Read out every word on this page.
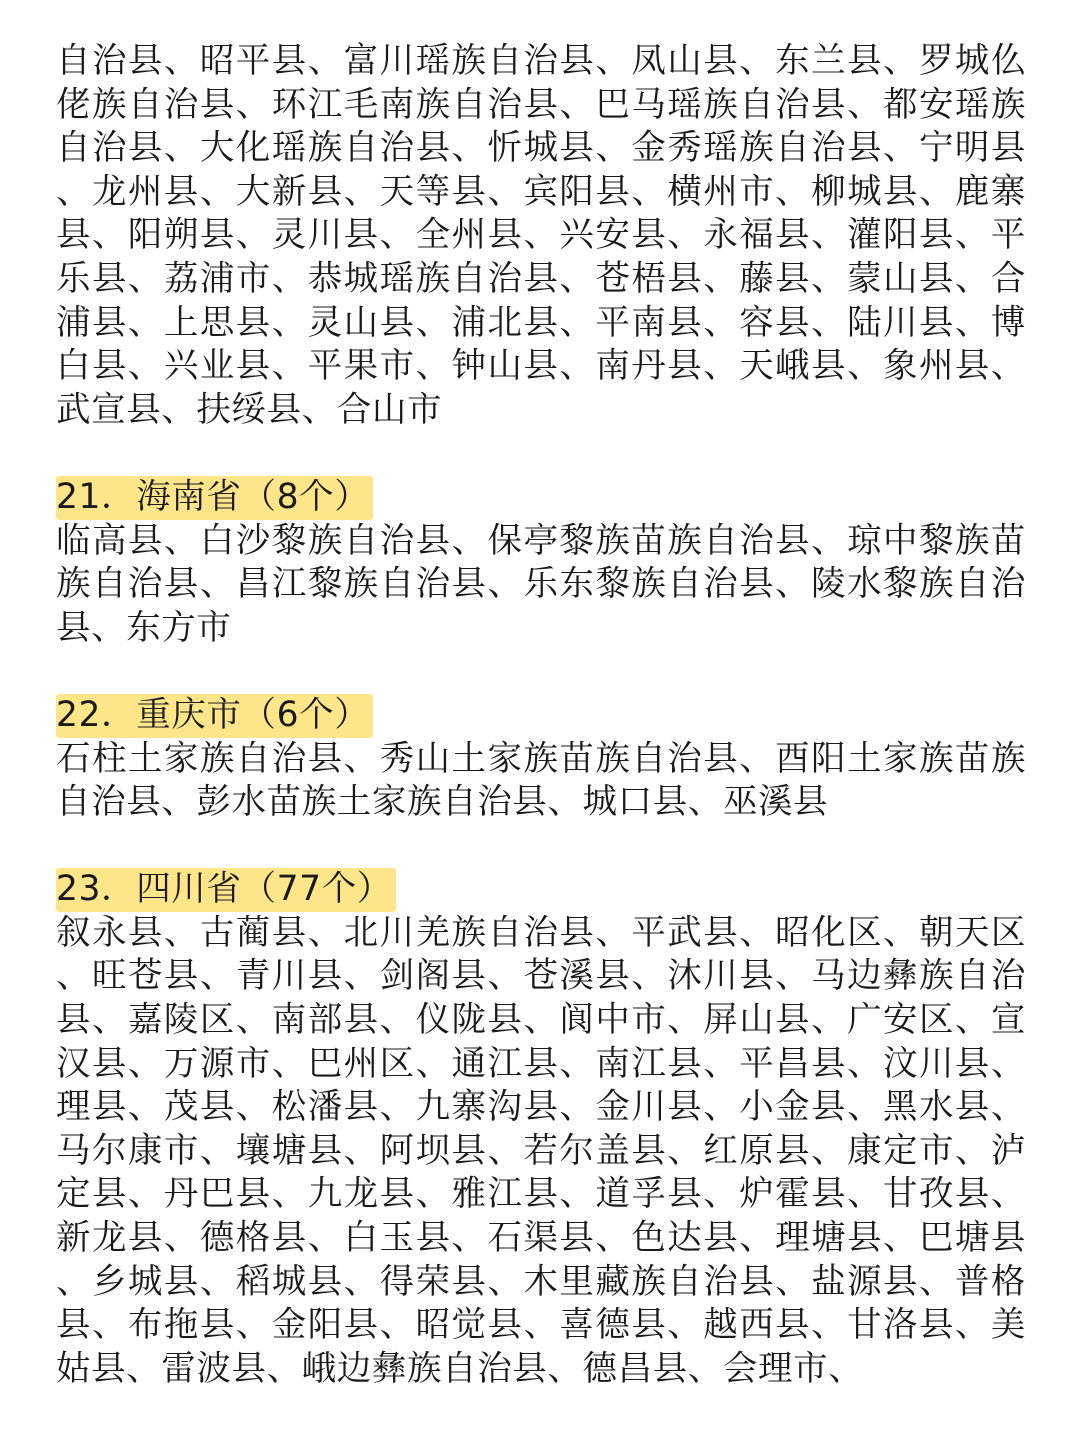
自治县、昭平县、富川瑶族自治县、凤山县、东兰县、罗城仫佬族自治县、环江毛南族自治县、巴马瑶族自治县、都安瑶族自治县、大化瑶族自治县、忻城县、金秀瑶族自治县、宁明县、龙州县、大新县、天等县、宾阳县、横州市、柳城县、鹿寨县、阳朔县、灵川县、全州县、兴安县、永福县、灌阳县、平乐县、荔浦市、恭城瑶族自治县、苍梧县、藤县、蒙山县、合浦县、上思县、灵山县、浦北县、平南县、容县、陆川县、博白县、兴业县、平果市、钟山县、南丹县、天峨县、象州县、武宣县、扶绥县、合山市

21．海南省（8个）

临高县、白沙黎族自治县、保亭黎族苗族自治县、琼中黎族苗族自治县、昌江黎族自治县、乐东黎族自治县、陵水黎族自治县、东方市

22．重庆市（6个）

石柱土家族自治县、秀山土家族苗族自治县、酉阳土家族苗族自治县、彭水苗族土家族自治县、城口县、巫溪县

23．四川省（77个）

叙永县、古蔺县、北川羌族自治县、平武县、昭化区、朝天区、旺苍县、青川县、剑阁县、苍溪县、沐川县、马边彝族自治县、嘉陵区、南部县、仪陇县、阆中市、屏山县、广安区、宣汉县、万源市、巴州区、通江县、南江县、平昌县、汶川县、理县、茂县、松潘县、九寨沟县、金川县、小金县、黑水县、马尔康市、壤塘县、阿坝县、若尔盖县、红原县、康定市、泸定县、丹巴县、九龙县、雅江县、道孚县、炉霍县、甘孜县、新龙县、德格县、白玉县、石渠县、色达县、理塘县、巴塘县、乡城县、稻城县、得荣县、木里藏族自治县、盐源县、普格县、布拖县、金阳县、昭觉县、喜德县、越西县、甘洛县、美姑县、雷波县、峨边彝族自治县、德昌县、会理市、
